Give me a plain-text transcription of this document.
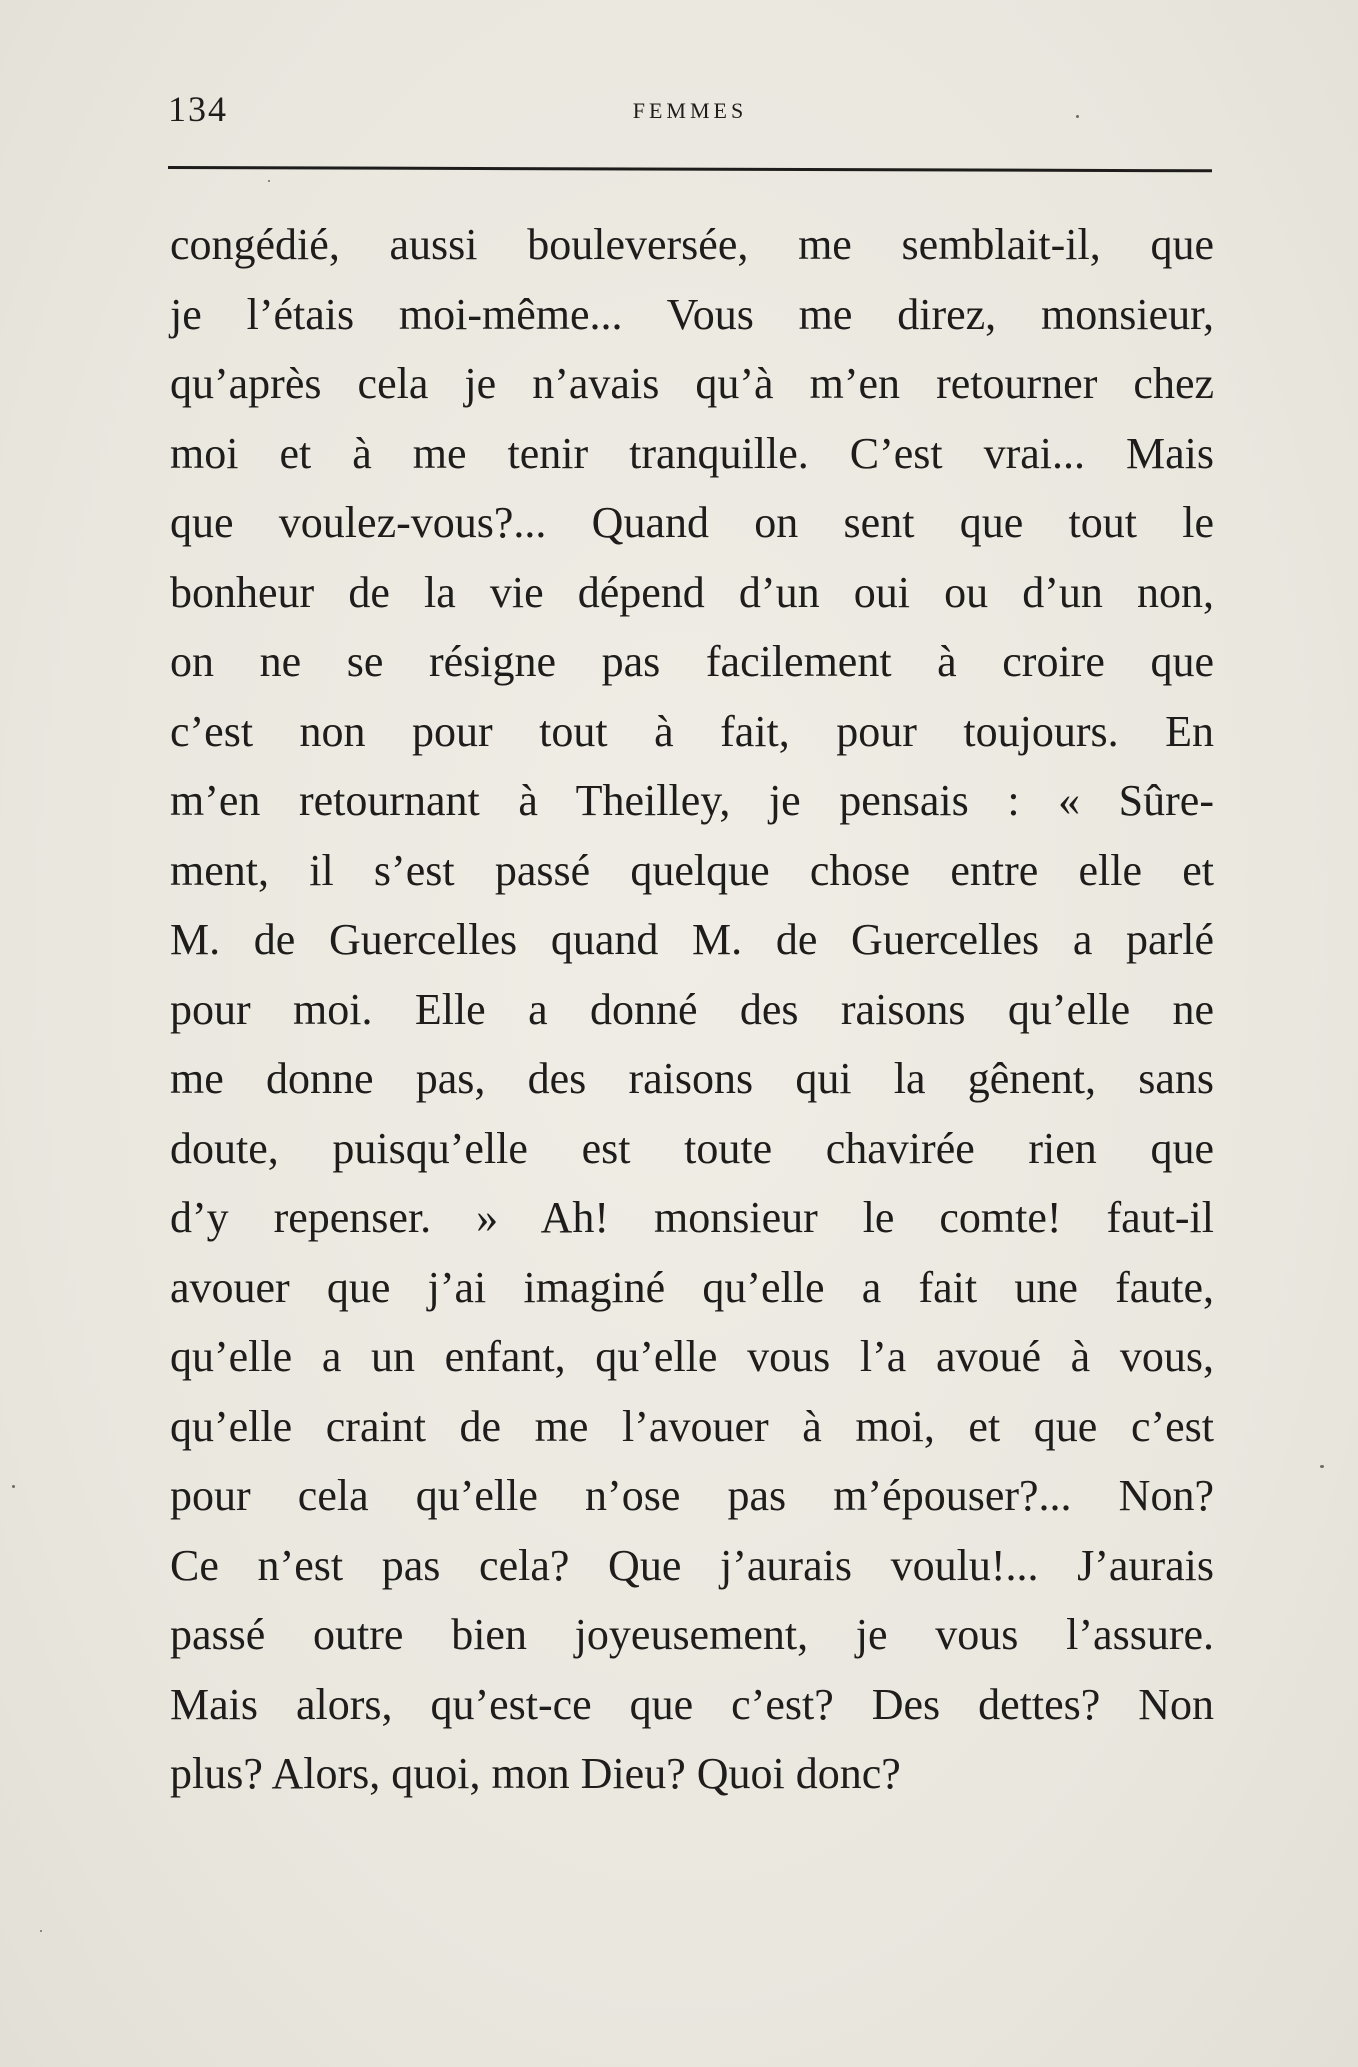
134	FEMMES
congédié, aussi bouleversée, me semblait-il, que
je l’étais moi-même... Vous me direz, monsieur,
qu’après cela je n’avais qu’à m’en retourner chez
moi et à me tenir tranquille. C’est vrai... Mais
que voulez-vous?... Quand on sent que tout le
bonheur de la vie dépend d’un oui ou d’un non,
on ne se résigne pas facilement à croire que
c’est non pour tout à fait, pour toujours. En
m’en retournant à Theilley, je pensais : « Sûre-
ment, il s’est passé quelque chose entre elle et
M. de Guercelles quand M. de Guercelles a parlé
pour moi. Elle a donné des raisons qu’elle ne
me donne pas, des raisons qui la gênent, sans
doute, puisqu’elle est toute chavirée rien que
d’y repenser. » Ah! monsieur le comte! faut-il
avouer que j’ai imaginé qu’elle a fait une faute,
qu’elle a un enfant, qu’elle vous l’a avoué à vous,
qu’elle craint de me l’avouer à moi, et que c’est
pour cela qu’elle n’ose pas m’épouser?... Non?
Ce n’est pas cela? Que j’aurais voulu!... J’aurais
passé outre bien joyeusement, je vous l’assure.
Mais alors, qu’est-ce que c’est? Des dettes? Non
plus? Alors, quoi, mon Dieu? Quoi donc?
